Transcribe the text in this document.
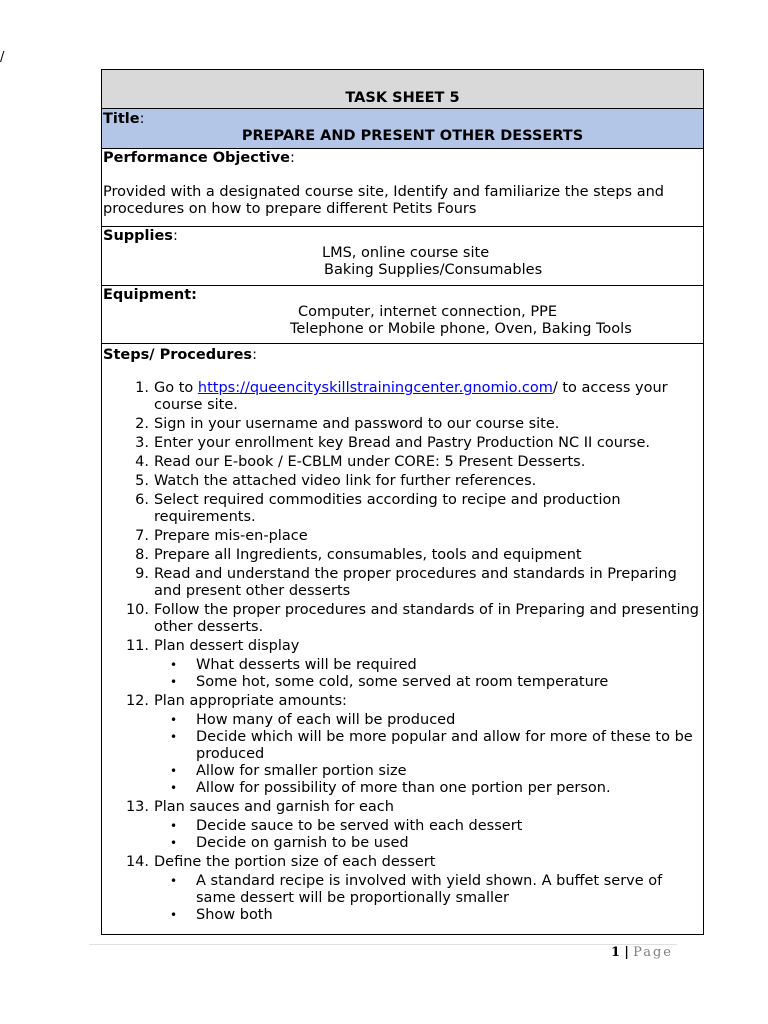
/
TASK SHEET 5
Title:
PREPARE AND PRESENT OTHER DESSERTS
Performance Objective:
Provided with a designated course site, Identify and familiarize the steps and procedures on how to prepare different Petits Fours
Supplies:
LMS, online course site
Baking Supplies/Consumables
Equipment:
Computer, internet connection, PPE
Telephone or Mobile phone, Oven, Baking Tools
Steps/ Procedures:
1. Go to https://queencityskillstrainingcenter.gnomio.com/ to access your course site.
2. Sign in your username and password to our course site.
3. Enter your enrollment key Bread and Pastry Production NC II course.
4. Read our E-book / E-CBLM under CORE: 5 Present Desserts.
5. Watch the attached video link for further references.
6. Select required commodities according to recipe and production requirements.
7. Prepare mis-en-place
8. Prepare all Ingredients, consumables, tools and equipment
9. Read and understand the proper procedures and standards in Preparing and present other desserts
10. Follow the proper procedures and standards of in Preparing and presenting other desserts.
11. Plan dessert display
• What desserts will be required
• Some hot, some cold, some served at room temperature
12. Plan appropriate amounts:
• How many of each will be produced
• Decide which will be more popular and allow for more of these to be produced
• Allow for smaller portion size
• Allow for possibility of more than one portion per person.
13. Plan sauces and garnish for each
• Decide sauce to be served with each dessert
• Decide on garnish to be used
14. Define the portion size of each dessert
• A standard recipe is involved with yield shown. A buffet serve of same dessert will be proportionally smaller
• Show both
1 | Page
